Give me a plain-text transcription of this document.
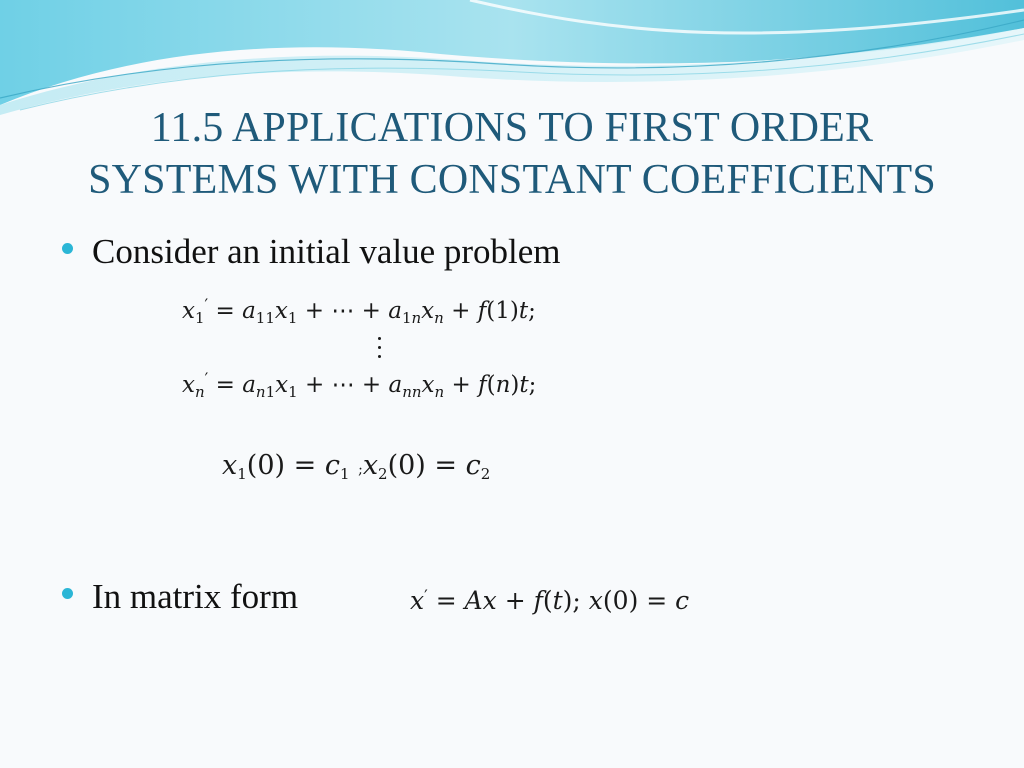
11.5 APPLICATIONS TO FIRST ORDER
SYSTEMS WITH CONSTANT COEFFICIENTS
Consider an initial value problem
$x_1' = a_{11}x_1$ + ⋯ + $a_{1n}x_n + f(1)t$;
$x_n' = a_{n1}x_1$ + ⋯ + $a_{nn}x_n + f(n)t$;
$x_1(0) = c_1$ $;x_2(0) = c_2$
In matrix form	x′ = Ax + f(t); x(0) = c
